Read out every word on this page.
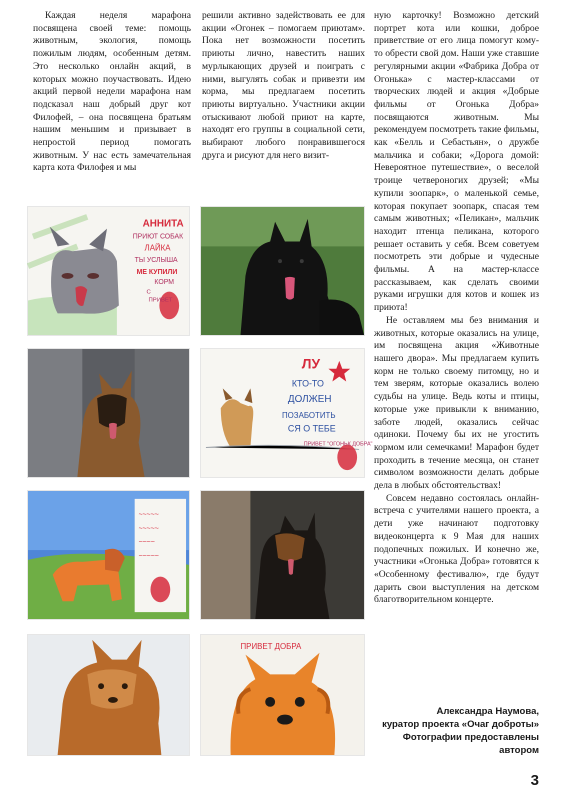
Каждая неделя марафона посвящена своей теме: помощь животным, экология, помощь пожилым людям, особенным детям. Это несколько онлайн акций, в которых можно поучаствовать. Идею акций первой недели марафона нам подсказал наш добрый друг кот Филофей, – она посвящена братьям нашим меньшим и призывает в непростой период помогать животным. У нас есть замечательная карта кота Филофея и мы

решили активно задействовать ее для акции «Огонек – помогаем приютам». Пока нет возможности посетить приюты лично, навестить наших мурлыкающих друзей и поиграть с ними, выгулять собак и привезти им корма, мы предлагаем посетить приюты виртуально. Участники акции отыскивают любой приют на карте, находят его группы в социальной сети, выбирают любого понравившегося друга и рисуют для него визит-

ную карточку! Возможно детский портрет кота или кошки, доброе приветствие от его лица помогут кому-то обрести свой дом. Наши уже ставшие регулярными акции «Фабрика Добра от Огонька» с мастер-классами от творческих людей и акция «Добрые фильмы от Огонька Добра» посвящаются животным. Мы рекомендуем посмотреть такие фильмы, как «Белль и Себастьян», о дружбе мальчика и собаки; «Дорога домой: Невероятное путешествие», о веселой троице четвероногих друзей; «Мы купили зоопарк», о маленькой семье, которая покупает зоопарк, спасая тем самым животных; «Пеликан», мальчик находит птенца пеликана, которого решает оставить у себя. Всем советуем посмотреть эти добрые и чудесные фильмы. А на мастер-классе рассказываем, как сделать своими руками игрушки для котов и кошек из приюта!

Не оставляем мы без внимания и животных, которые оказались на улице, им посвящена акция «Животные нашего двора». Мы предлагаем купить корм не только своему питомцу, но и тем зверям, которые оказались волею судьбы на улице. Ведь коты и птицы, которые уже привыкли к вниманию, заботе людей, оказались сейчас одиноки. Почему бы их не угостить кормом или семечками! Марафон будет проходить в течение месяца, он станет символом возможности делать добрые дела в любых обстоятельствах!

Совсем недавно состоялась онлайн-встреча с учителями нашего проекта, а дети уже начинают подготовку видеоконцерта к 9 Мая для наших подопечных пожилых. И конечно же, участники «Огонька Добра» готовятся к «Особенному фестивалю», где будут дарить свои выступления на детском благотворительном концерте.

АННИТА
ПРИЮТ СОБАК
ЛАЙКА
ТЫ УСЛЫША
МЕ КУПИЛИ
КОРМ
С
ПРИВЕТ
ЛУ
КТО-ТО
ДОЛЖЕН
ПОЗАБОТИТЬ
СЯ О ТЕБЕ
ПРИВЕТ "ОГОНЬК ДОБРА"
~~~~~
~~~~~
~~~~
~~~~~
ПРИВЕТ ДОБРА
Александра Наумова,
куратор проекта «Очаг доброты»
Фотографии предоставлены
автором
3
